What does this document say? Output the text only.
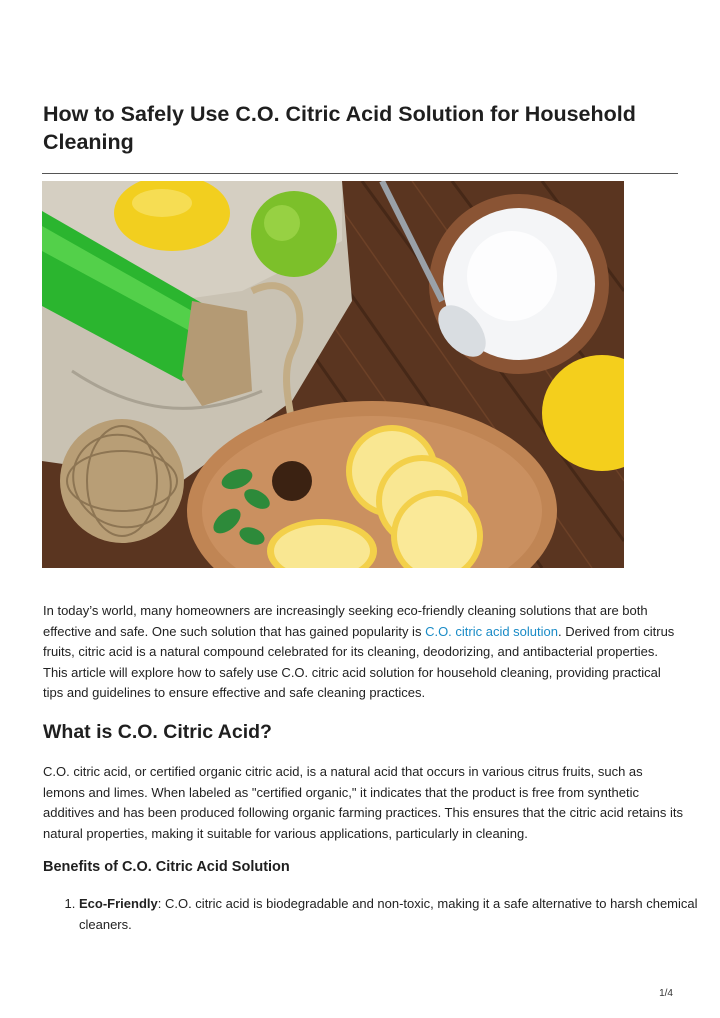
How to Safely Use C.O. Citric Acid Solution for Household Cleaning

In today’s world, many homeowners are increasingly seeking eco-friendly cleaning solutions that are both effective and safe. One such solution that has gained popularity is C.O. citric acid solution. Derived from citrus fruits, citric acid is a natural compound celebrated for its cleaning, deodorizing, and antibacterial properties. This article will explore how to safely use C.O. citric acid solution for household cleaning, providing practical tips and guidelines to ensure effective and safe cleaning practices.

What is C.O. Citric Acid?

C.O. citric acid, or certified organic citric acid, is a natural acid that occurs in various citrus fruits, such as lemons and limes. When labeled as "certified organic," it indicates that the product is free from synthetic additives and has been produced following organic farming practices. This ensures that the citric acid retains its natural properties, making it suitable for various applications, particularly in cleaning.

Benefits of C.O. Citric Acid Solution
1. Eco-Friendly: C.O. citric acid is biodegradable and non-toxic, making it a safe alternative to harsh chemical cleaners.
1/4
